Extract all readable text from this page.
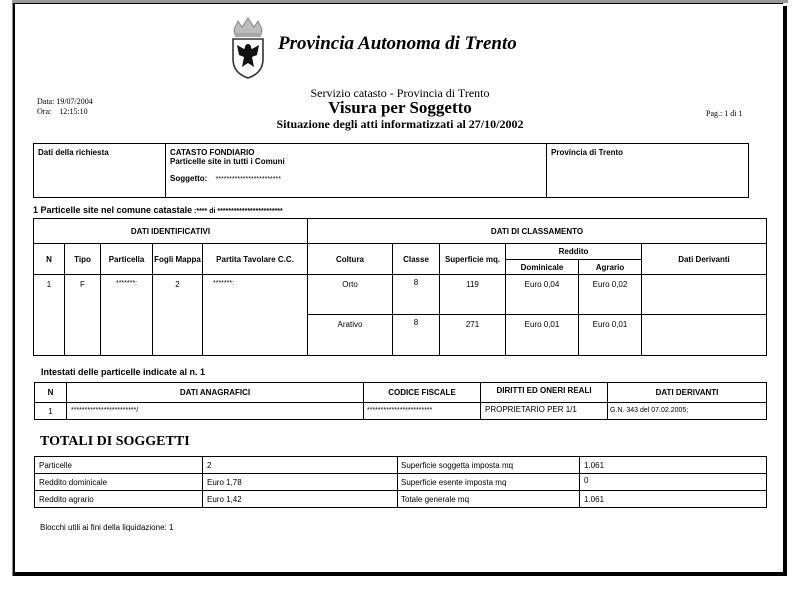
Provincia Autonoma di Trento
Data: 19/07/2004
Ora: 12:15:10
Servizio catasto - Provincia di Trento
Visura per Soggetto
Situazione degli atti informatizzati al 27/10/2002
Pag.: 1 di 1
Dati della richiesta	CATASTO FONDIARIO
Particelle site in tutti i Comuni
Soggetto: ************************
	Provincia di Trento
1 Particelle site nel comune catastale :**** di ************************
DATI IDENTIFICATIVI					DATI DI CLASSAMENTO					
N	Tipo	Particella	Fogli Mappa	Partita Tavolare C.C.	Coltura	Classe	Superficie mq.	Reddito		Dati Derivanti
								Dominicale	Agrario	
1	F	*******:	2	*******:	Orto	8	119	Euro 0,04	Euro 0,02	
					Arativo	8	271	Euro 0,01	Euro 0,01	
Intestati delle particelle indicate al n. 1
N	DATI ANAGRAFICI	CODICE FISCALE	DIRITTI ED ONERI REALI	DATI DERIVANTI
1	************************/	************************	PROPRIETARIO PER 1/1	G.N. 343 del 07.02.2005;
TOTALI DI SOGGETTI
Particelle	2	Superficie soggetta imposta mq	1.061
Reddito dominicale	Euro 1,78	Superficie esente imposta mq	0
Reddito agrario	Euro 1,42	Totale generale mq	1.061
Blocchi utili ai fini della liquidazione: 1
